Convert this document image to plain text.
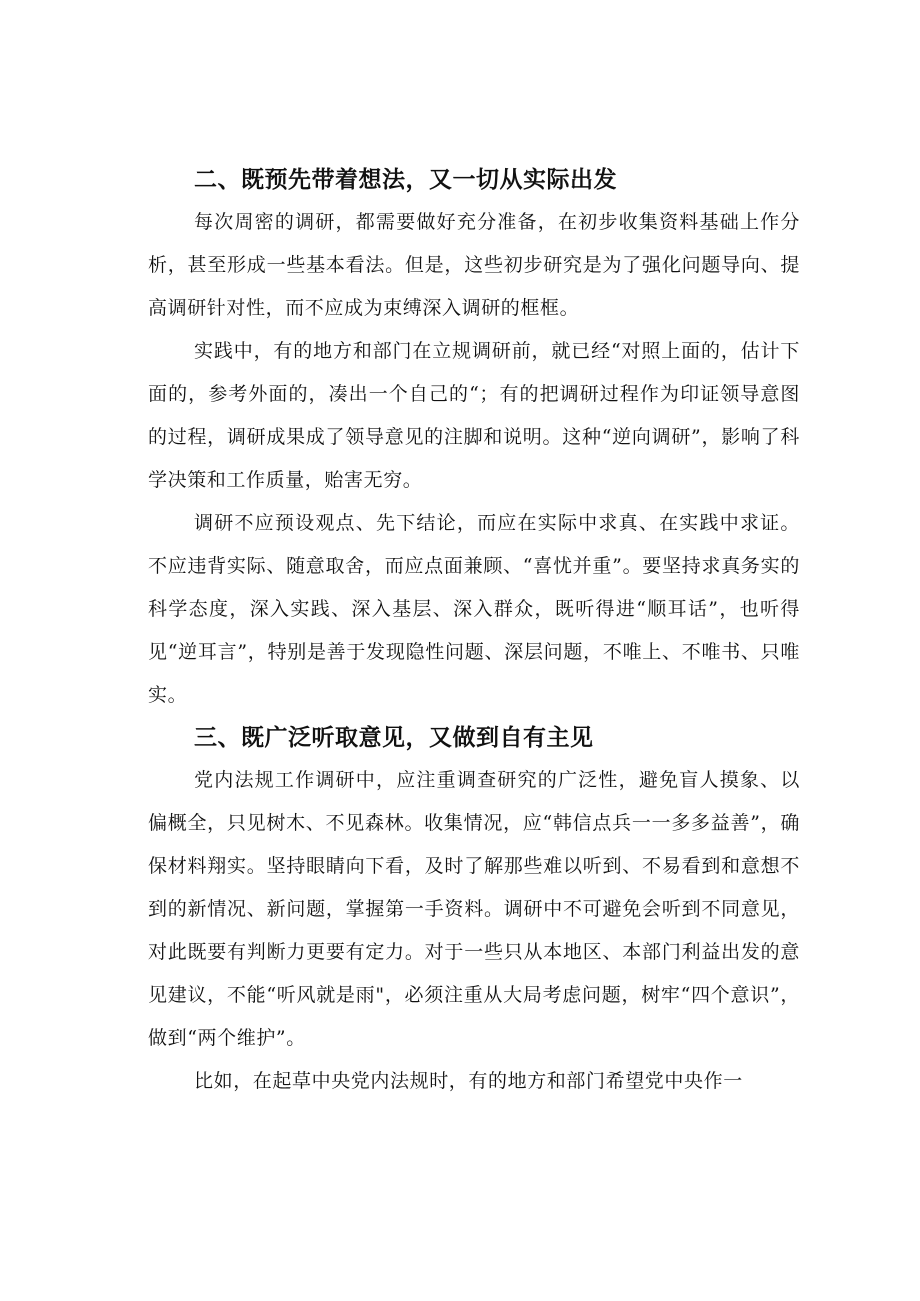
二、既预先带着想法，又一切从实际出发

每次周密的调研，都需要做好充分准备，在初步收集资料基础上作分析，甚至形成一些基本看法。但是，这些初步研究是为了强化问题导向、提高调研针对性，而不应成为束缚深入调研的框框。

实践中，有的地方和部门在立规调研前，就已经“对照上面的，估计下面的，参考外面的，凑出一个自己的“；有的把调研过程作为印证领导意图的过程，调研成果成了领导意见的注脚和说明。这种“逆向调研”，影响了科学决策和工作质量，贻害无穷。

调研不应预设观点、先下结论，而应在实际中求真、在实践中求证。不应违背实际、随意取舍，而应点面兼顾、“喜忧并重”。要坚持求真务实的科学态度，深入实践、深入基层、深入群众，既听得进“顺耳话”，也听得见“逆耳言”，特别是善于发现隐性问题、深层问题，不唯上、不唯书、只唯实。

三、既广泛听取意见，又做到自有主见

党内法规工作调研中，应注重调查研究的广泛性，避免盲人摸象、以偏概全，只见树木、不见森林。收集情况，应“韩信点兵一一多多益善”，确保材料翔实。坚持眼睛向下看，及时了解那些难以听到、不易看到和意想不到的新情况、新问题，掌握第一手资料。调研中不可避免会听到不同意见，对此既要有判断力更要有定力。对于一些只从本地区、本部门利益出发的意见建议，不能“听风就是雨"，必须注重从大局考虑问题，树牢“四个意识”，做到“两个维护”。

比如，在起草中央党内法规时，有的地方和部门希望党中央作一
